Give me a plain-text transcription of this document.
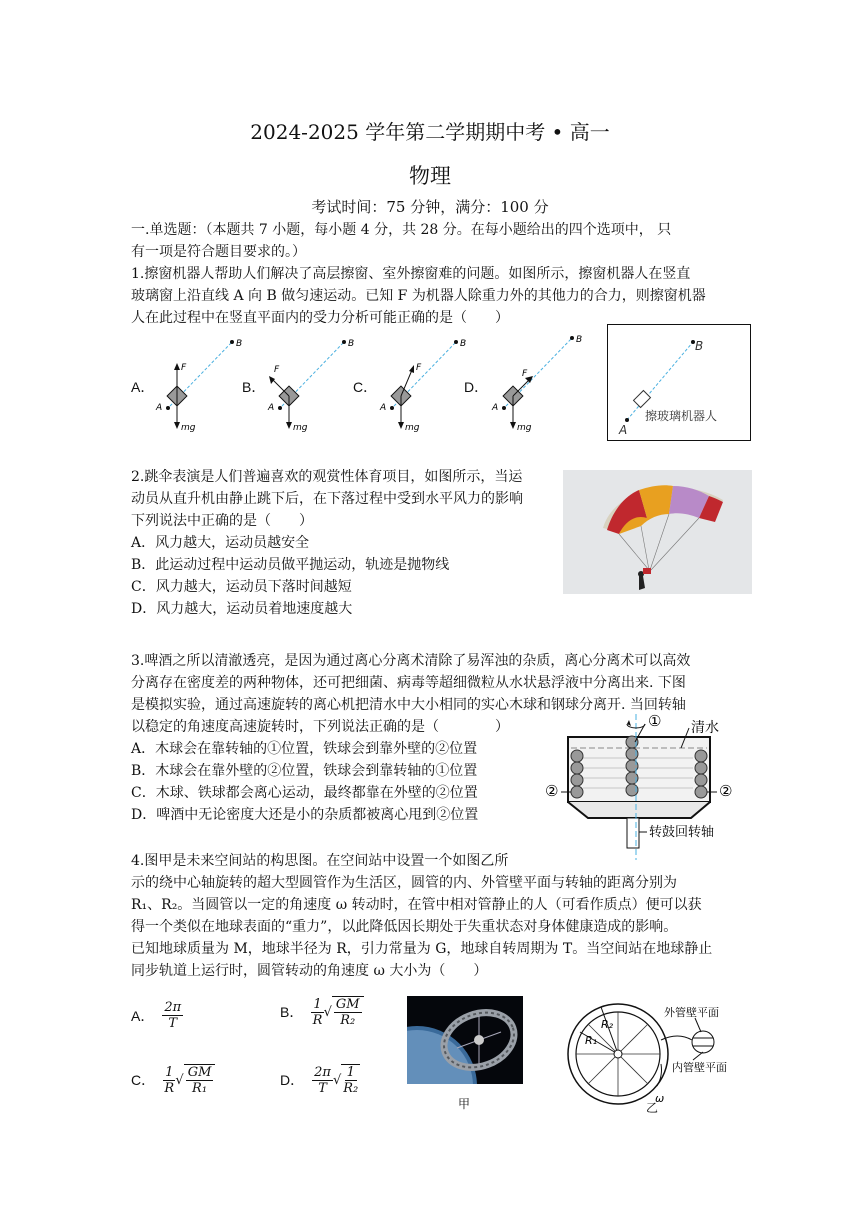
2024-2025 学年第二学期期中考 • 高一
物理
考试时间：75 分钟，满分：100 分
一.单选题：（本题共 7 小题，每小题 4 分，共 28 分。在每小题给出的四个选项中， 只
有一项是符合题目要求的。）
1.擦窗机器人帮助人们解决了高层擦窗、室外擦窗难的问题。如图所示，擦窗机器人在竖直
玻璃窗上沿直线 A 向 B 做匀速运动。已知 F 为机器人除重力外的其他力的合力，则擦窗机器
人在此过程中在竖直平面内的受力分析可能正确的是（　　）
A．	B．	C．	D．
B
A
F
mg
B
A
F
mg
B
A
F
mg
B
A
F
mg
B
A
擦玻璃机器人
2.跳伞表演是人们普遍喜欢的观赏性体育项目，如图所示，当运
动员从直升机由静止跳下后，在下落过程中受到水平风力的影响
下列说法中正确的是（　　）
A．风力越大，运动员越安全
B．此运动过程中运动员做平抛运动，轨迹是抛物线
C．风力越大，运动员下落时间越短
D．风力越大，运动员着地速度越大
3.啤酒之所以清澈透亮，是因为通过离心分离术清除了易浑浊的杂质，离心分离术可以高效
分离存在密度差的两种物体，还可把细菌、病毒等超细微粒从水状悬浮液中分离出来. 下图
是模拟实验，通过高速旋转的离心机把清水中大小相同的实心木球和钢球分离开. 当回转轴
以稳定的角速度高速旋转时，下列说法正确的是（　　　　）
A．木球会在靠转轴的①位置，铁球会到靠外壁的②位置
B．木球会在靠外壁的②位置，铁球会到靠转轴的①位置
C．木球、铁球都会离心运动，最终都靠在外壁的②位置
D．啤酒中无论密度大还是小的杂质都被离心甩到②位置
① 清水
②	②
转鼓回转轴
4.图甲是未来空间站的构思图。在空间站中设置一个如图乙所
示的绕中心轴旋转的超大型圆管作为生活区，圆管的内、外管壁平面与转轴的距离分别为
R₁、R₂。当圆管以一定的角速度 ω 转动时，在管中相对管静止的人（可看作质点）便可以获
得一个类似在地球表面的“重力”，以此降低因长期处于失重状态对身体健康造成的影响。
已知地球质量为 M，地球半径为 R，引力常量为 G，地球自转周期为 T。当空间站在地球静止
同步轨道上运行时，圆管转动的角速度 ω 大小为（　　）
A． $\frac{2\pi}{T}$	B． $\frac{1}{R}$ √ $\frac{GM}{\text{R₂}}$
C． $\frac{1}{R}$ √ $\frac{GM}{\text{R₁}}$	D． $\frac{2\pi}{T}$ √ $\frac{1}{\text{R₂}}$
甲
R₂
R₁
外管壁平面
内管壁平面
ω
乙
